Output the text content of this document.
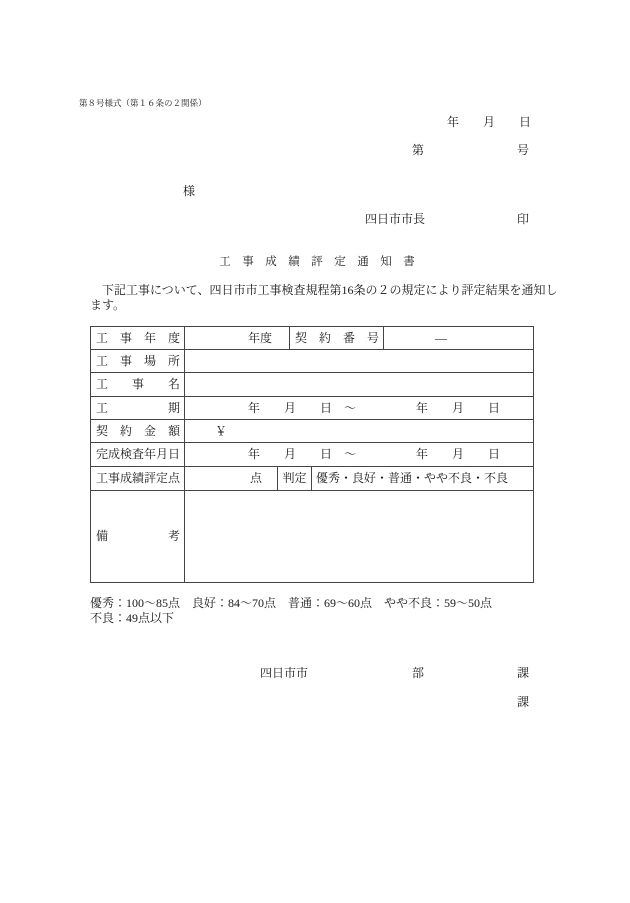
第８号様式（第１６条の２関係）
年　　月　　日
第	号
様
四日市市長	印
工　事　成　績　評　定　通　知　書
　下記工事について、四日市市工事検査規程第16条の２の規定により評定結果を通知し
ます。
工　事　年　度	年度	契　約　番　号	―
工　事　場　所
工　　事　　名
工　　　　期	年　　月　　日　～　　　　　年　　月　　日
契　約　金　額	￥
完成検査年月日	年　　月　　日　～　　　　　年　　月　　日
工事成績評定点	点	判定 優秀・良好・普通・やや不良・不良
備　　　　考
優秀：100～85点　良好：84～70点　普通：69～60点　やや不良：59～50点
不良：49点以下
四日市市	部	課
課
